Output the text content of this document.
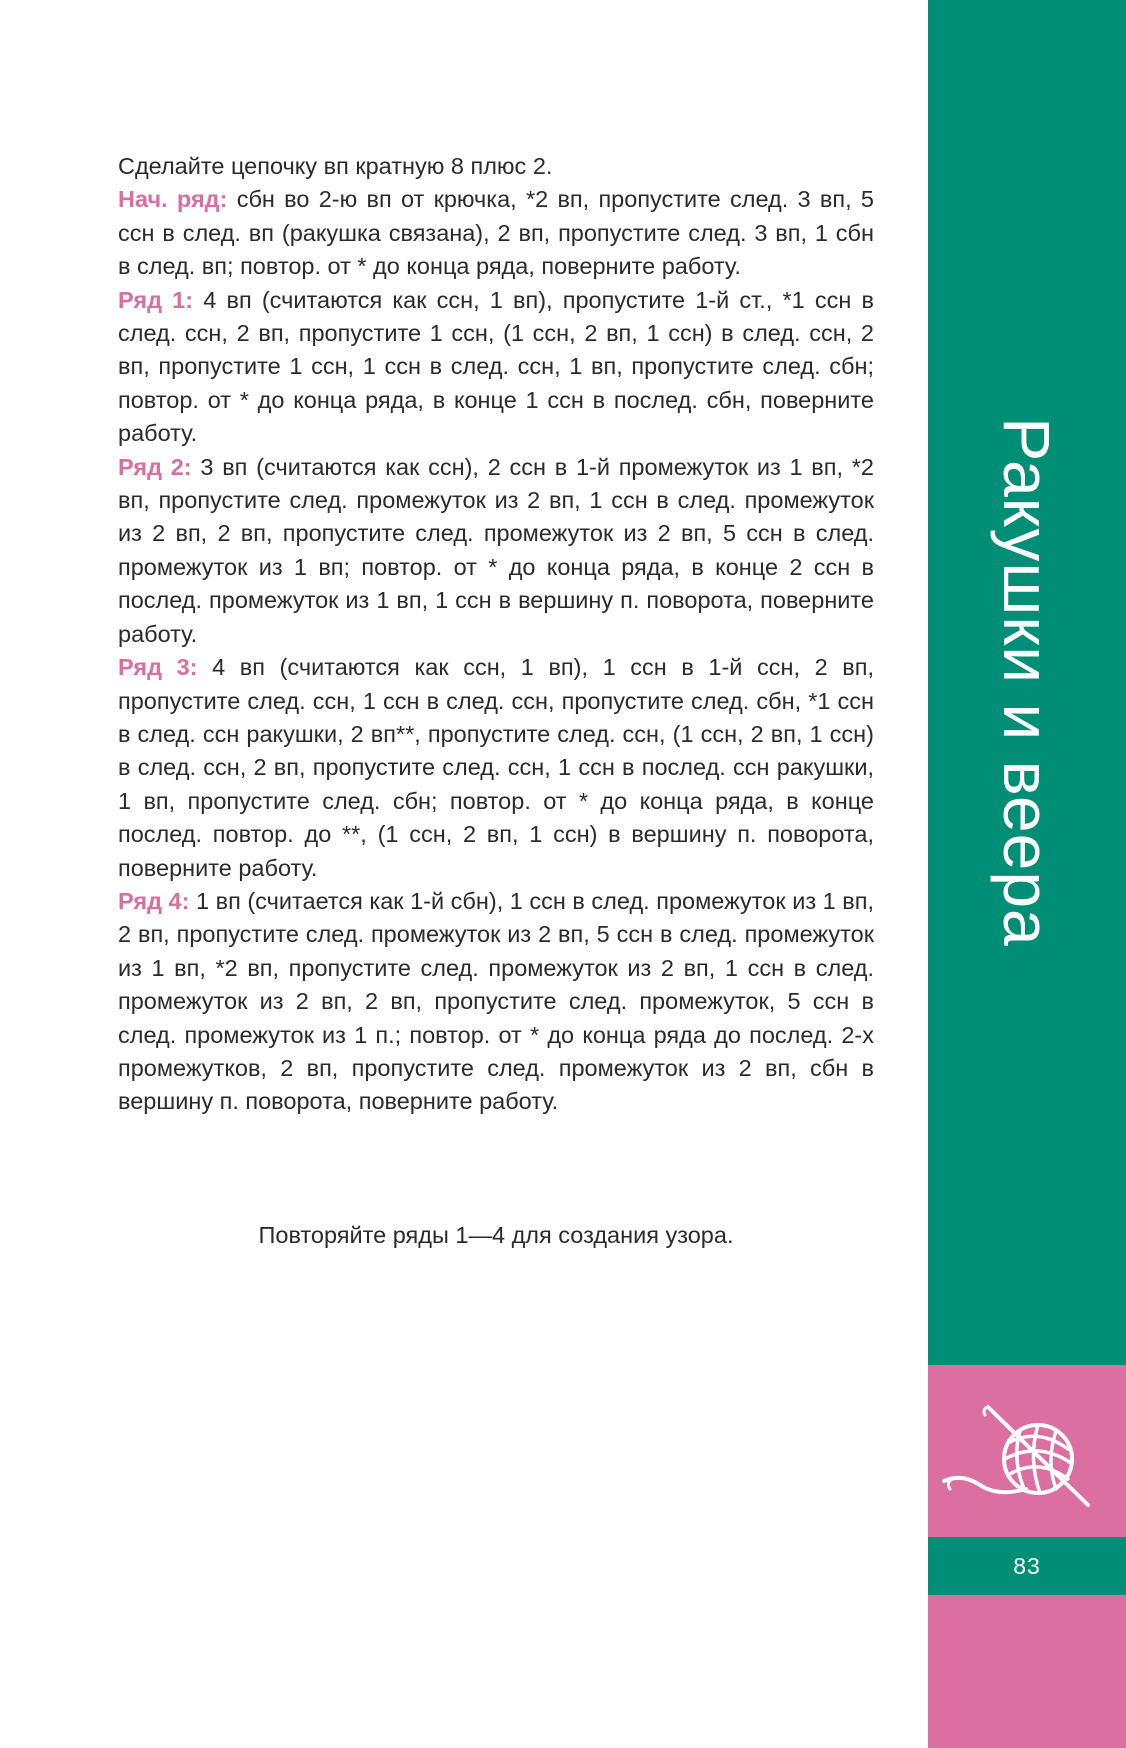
Сделайте цепочку вп кратную 8 плюс 2.

Нач. ряд: сбн во 2-ю вп от крючка, *2 вп, пропустите след. 3 вп, 5 ссн в след. вп (ракушка связана), 2 вп, пропустите след. 3 вп, 1 сбн в след. вп; повтор. от * до конца ряда, поверните работу.

Ряд 1: 4 вп (считаются как ссн, 1 вп), пропустите 1-й ст., *1 ссн в след. ссн, 2 вп, пропустите 1 ссн, (1 ссн, 2 вп, 1 ссн) в след. ссн, 2 вп, пропустите 1 ссн, 1 ссн в след. ссн, 1 вп, пропустите след. сбн; повтор. от * до конца ряда, в конце 1 ссн в послед. сбн, поверните работу.

Ряд 2: 3 вп (считаются как ссн), 2 ссн в 1-й промежуток из 1 вп, *2 вп, пропустите след. промежуток из 2 вп, 1 ссн в след. промежуток из 2 вп, 2 вп, пропустите след. промежуток из 2 вп, 5 ссн в след. промежуток из 1 вп; повтор. от * до конца ряда, в конце 2 ссн в послед. промежуток из 1 вп, 1 ссн в вершину п. поворота, поверните работу.

Ряд 3: 4 вп (считаются как ссн, 1 вп), 1 ссн в 1-й ссн, 2 вп, пропустите след. ссн, 1 ссн в след. ссн, пропустите след. сбн, *1 ссн в след. ссн ракушки, 2 вп**, пропустите след. ссн, (1 ссн, 2 вп, 1 ссн) в след. ссн, 2 вп, пропустите след. ссн, 1 ссн в послед. ссн ракушки, 1 вп, пропустите след. сбн; повтор. от * до конца ряда, в конце послед. повтор. до **, (1 ссн, 2 вп, 1 ссн) в вершину п. поворота, поверните работу.

Ряд 4: 1 вп (считается как 1-й сбн), 1 ссн в след. промежуток из 1 вп, 2 вп, пропустите след. промежуток из 2 вп, 5 ссн в след. промежуток из 1 вп, *2 вп, пропустите след. промежуток из 2 вп, 1 ссн в след. промежуток из 2 вп, 2 вп, пропустите след. промежуток, 5 ссн в след. промежуток из 1 п.; повтор. от * до конца ряда до послед. 2-х промежутков, 2 вп, пропустите след. промежуток из 2 вп, сбн в вершину п. поворота, поверните работу.

Повторяйте ряды 1—4 для создания узора.
Ракушки и веера
83
